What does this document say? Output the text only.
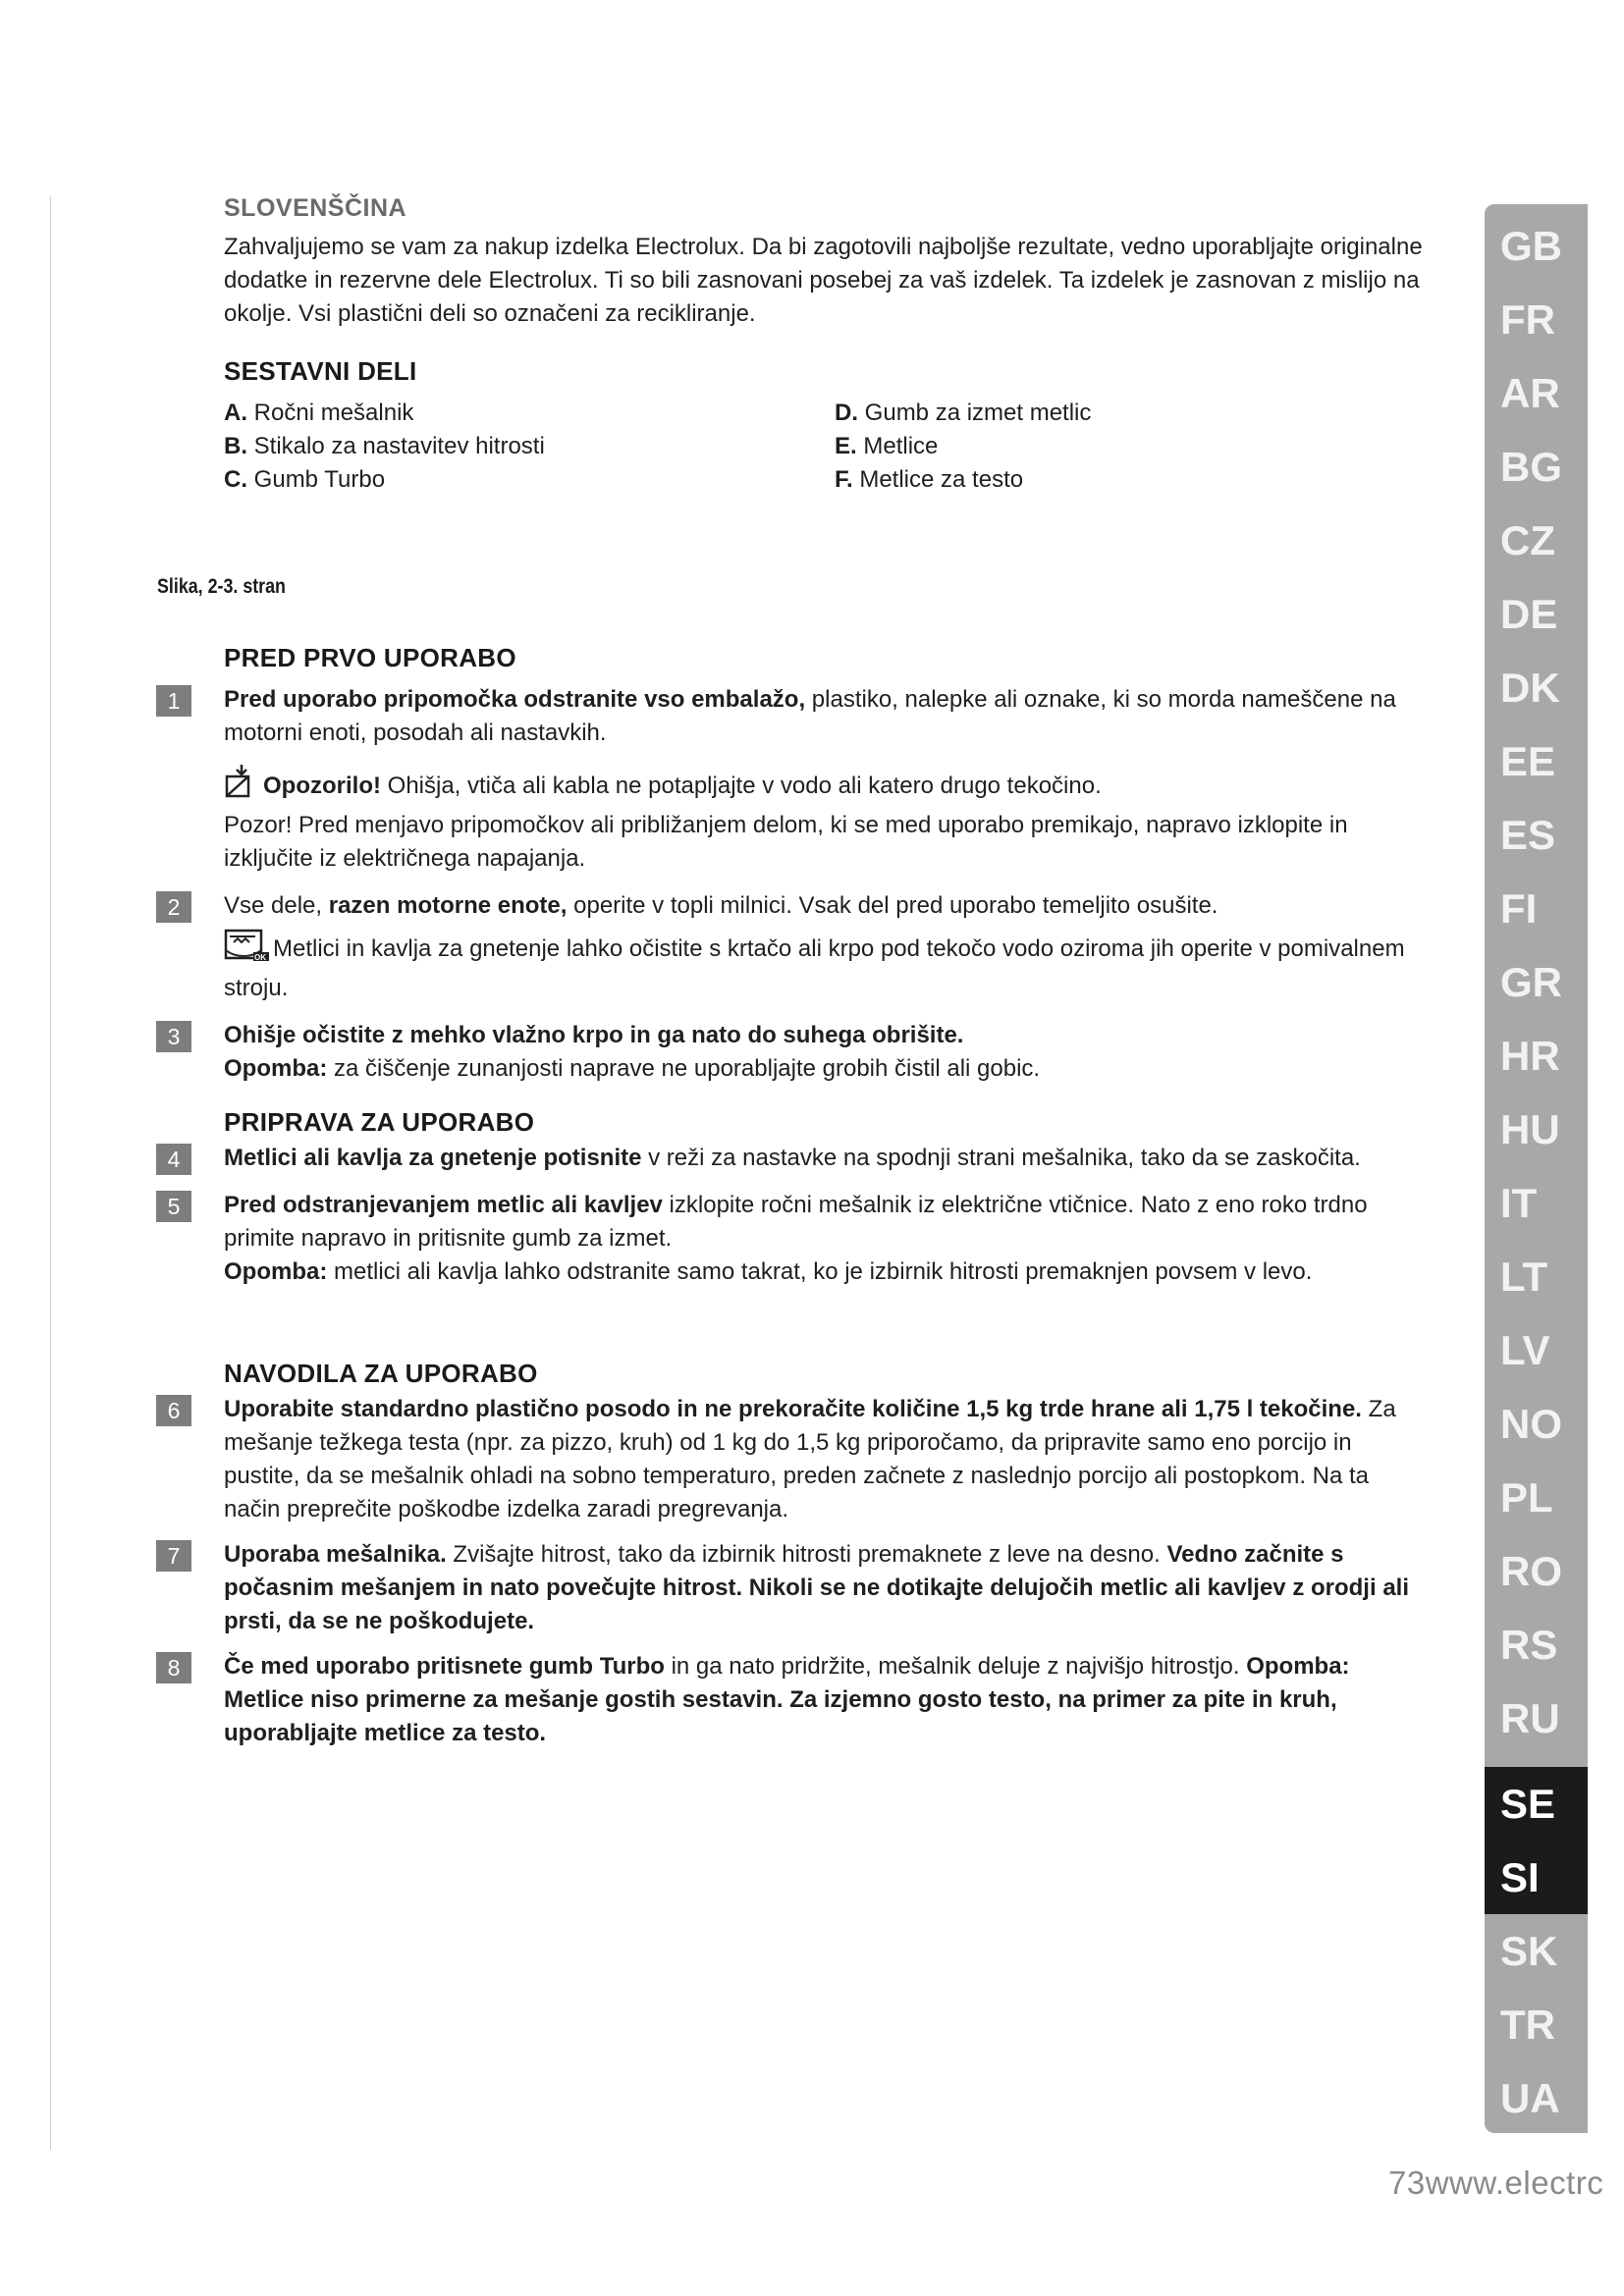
SLOVENŠČINA

Zahvaljujemo se vam za nakup izdelka Electrolux. Da bi zagotovili najboljše rezultate, vedno uporabljajte originalne dodatke in rezervne dele Electrolux. Ti so bili zasnovani posebej za vaš izdelek. Ta izdelek je zasnovan z mislijo na okolje. Vsi plastični deli so označeni za recikliranje.

SESTAVNI DELI
A. Ročni mešalnik	D. Gumb za izmet metlic
B. Stikalo za nastavitev hitrosti	E. Metlice
C. Gumb Turbo	F. Metlice za testo
Slika, 2-3. stran
PRED PRVO UPORABO
1	Pred uporabo pripomočka odstranite vso embalažo, plastiko, nalepke ali oznake, ki so morda nameščene na motorni enoti, posodah ali nastavkih.

Opozorilo! Ohišja, vtiča ali kabla ne potapljajte v vodo ali katero drugo tekočino.

Pozor! Pred menjavo pripomočkov ali približanjem delom, ki se med uporabo premikajo, napravo izklopite in izključite iz električnega napajanja.

2	Vse dele, razen motorne enote, operite v topli milnici. Vsak del pred uporabo temeljito osušite.

OK Metlici in kavlja za gnetenje lahko očistite s krtačo ali krpo pod tekočo vodo oziroma jih operite v pomivalnem stroju.

3	Ohišje očistite z mehko vlažno krpo in ga nato do suhega obrišite.

Opomba: za čiščenje zunanjosti naprave ne uporabljajte grobih čistil ali gobic.

PRIPRAVA ZA UPORABO
4	Metlici ali kavlja za gnetenje potisnite v reži za nastavke na spodnji strani mešalnika, tako da se zaskočita.

5	Pred odstranjevanjem metlic ali kavljev izklopite ročni mešalnik iz električne vtičnice. Nato z eno roko trdno primite napravo in pritisnite gumb za izmet.

Opomba: metlici ali kavlja lahko odstranite samo takrat, ko je izbirnik hitrosti premaknjen povsem v levo.

NAVODILA ZA UPORABO
6	Uporabite standardno plastično posodo in ne prekoračite količine 1,5 kg trde hrane ali 1,75 l tekočine. Za mešanje težkega testa (npr. za pizzo, kruh) od 1 kg do 1,5 kg priporočamo, da pripravite samo eno porcijo in pustite, da se mešalnik ohladi na sobno temperaturo, preden začnete z naslednjo porcijo ali postopkom. Na ta način preprečite poškodbe izdelka zaradi pregrevanja.

7	Uporaba mešalnika. Zvišajte hitrost, tako da izbirnik hitrosti premaknete z leve na desno. Vedno začnite s počasnim mešanjem in nato povečujte hitrost. Nikoli se ne dotikajte delujočih metlic ali kavljev z orodji ali prsti, da se ne poškodujete.

8	Če med uporabo pritisnete gumb Turbo in ga nato pridržite, mešalnik deluje z najvišjo hitrostjo. Opomba: Metlice niso primerne za mešanje gostih sestavin. Za izjemno gosto testo, na primer za pite in kruh, uporabljajte metlice za testo.

GB
FR
AR
BG
CZ
DE
DK
EE
ES
FI
GR
HR
HU
IT
LT
LV
NO
PL
RO
RS
RU
SE
SI
SK
TR
UA
73www.electrc
